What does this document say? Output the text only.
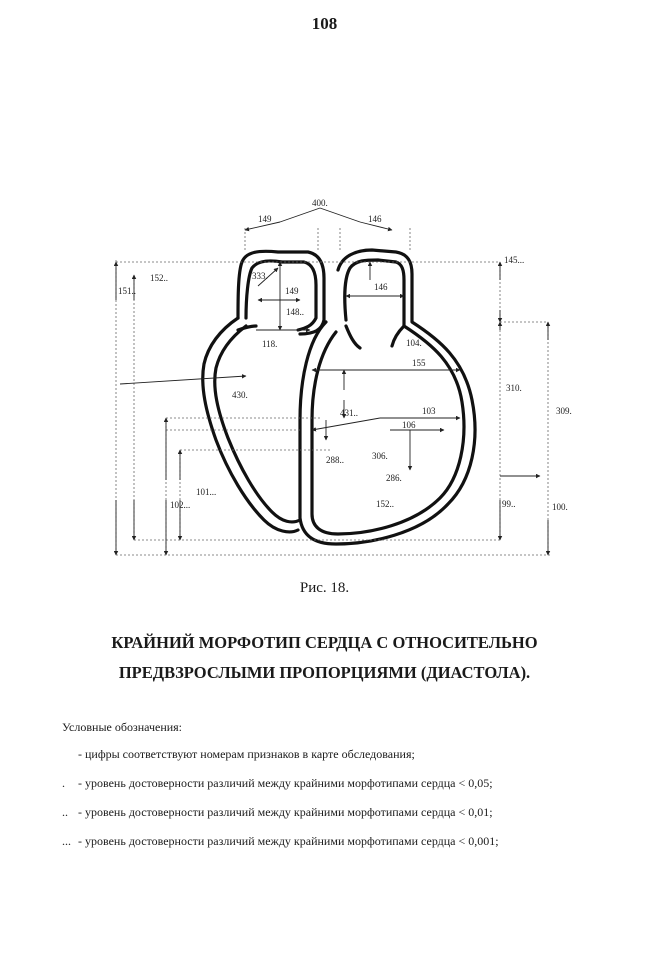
108
400.
149	146
145...
151..
152..	333.
149
148..
118.
146
104.
155
310.
430.
431..	103	309.
106
288..	306.
286.
101...
102...	152..	99..	100.
Рис. 18.
КРАЙНИЙ МОРФОТИП СЕРДЦА С ОТНОСИТЕЛЬНО
ПРЕДВЗРОСЛЫМИ ПРОПОРЦИЯМИ (ДИАСТОЛА).
Условные обозначения:
- цифры соответствуют номерам признаков в карте обследования;
. - уровень достоверности различий между крайними морфотипами сердца < 0,05;
.. - уровень достоверности различий между крайними морфотипами сердца < 0,01;
... - уровень достоверности различий между крайними морфотипами сердца < 0,001;
